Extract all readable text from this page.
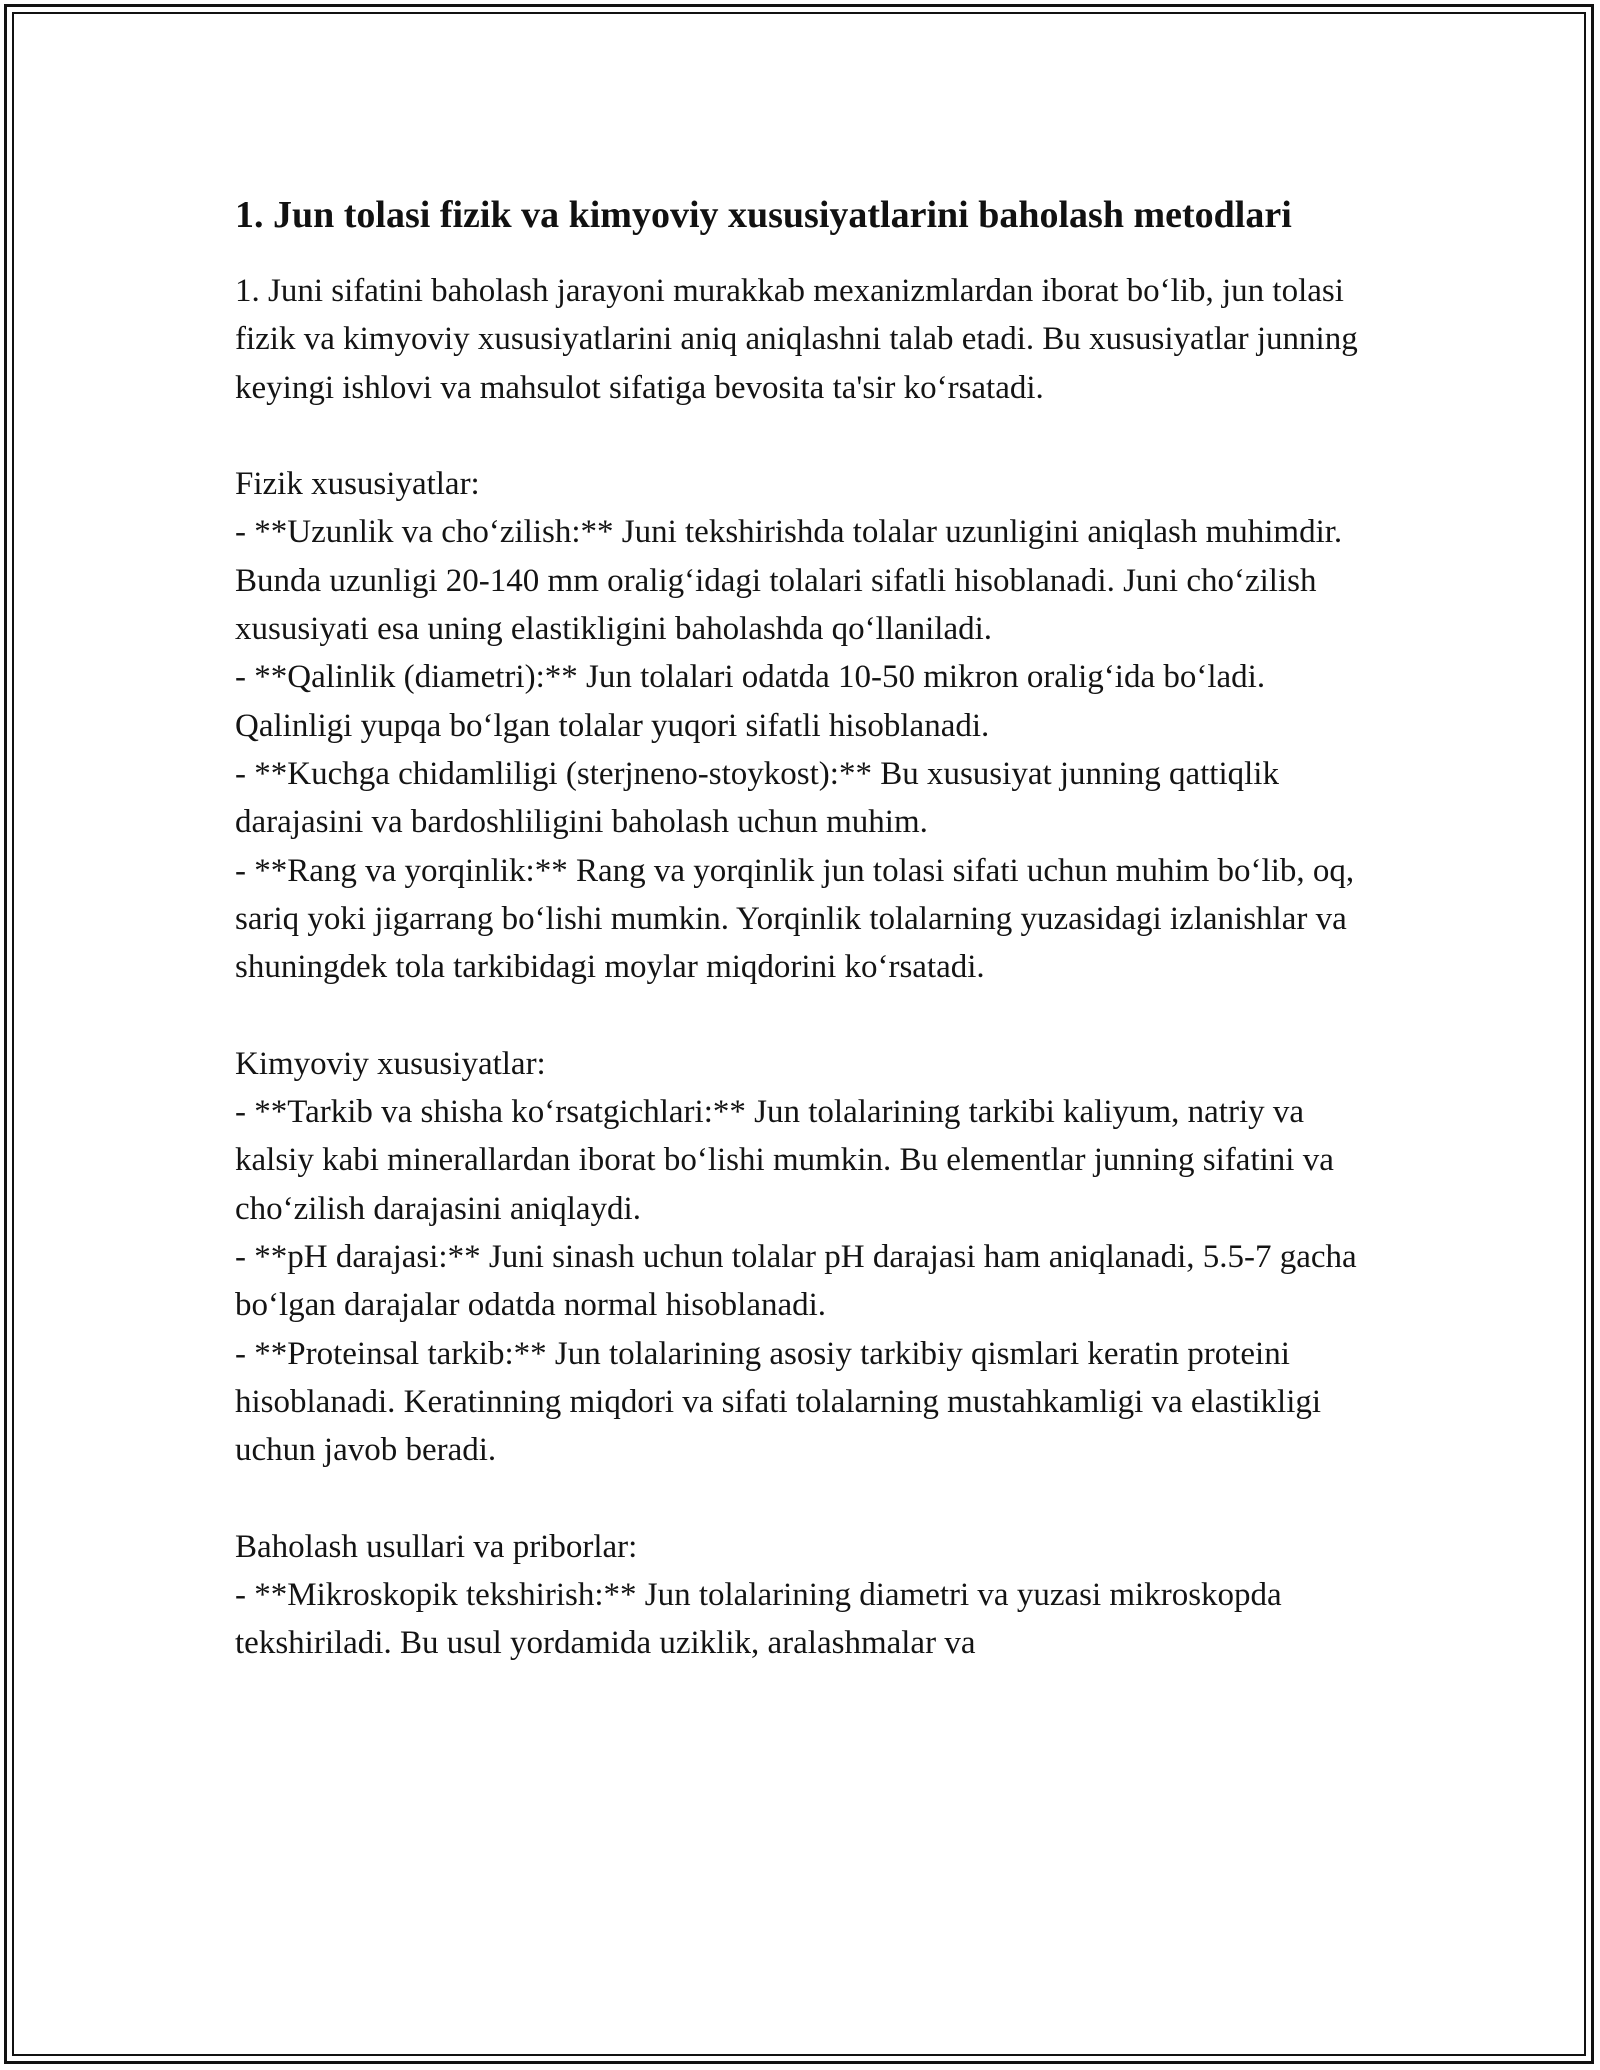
1. Jun tolasi fizik va kimyoviy xususiyatlarini baholash metodlari

1. Juni sifatini baholash jarayoni murakkab mexanizmlardan iborat bo‘lib, jun tolasi fizik va kimyoviy xususiyatlarini aniq aniqlashni talab etadi. Bu xususiyatlar junning keyingi ishlovi va mahsulot sifatiga bevosita ta'sir ko‘rsatadi.

Fizik xususiyatlar:
- **Uzunlik va cho‘zilish:** Juni tekshirishda tolalar uzunligini aniqlash muhimdir. Bunda uzunligi 20-140 mm oralig‘idagi tolalari sifatli hisoblanadi. Juni cho‘zilish xususiyati esa uning elastikligini baholashda qo‘llaniladi.
- **Qalinlik (diametri):** Jun tolalari odatda 10-50 mikron oralig‘ida bo‘ladi. Qalinligi yupqa bo‘lgan tolalar yuqori sifatli hisoblanadi.
- **Kuchga chidamliligi (sterjneno-stoykost):** Bu xususiyat junning qattiqlik darajasini va bardoshliligini baholash uchun muhim.
- **Rang va yorqinlik:** Rang va yorqinlik jun tolasi sifati uchun muhim bo‘lib, oq, sariq yoki jigarrang bo‘lishi mumkin. Yorqinlik tolalarning yuzasidagi izlanishlar va shuningdek tola tarkibidagi moylar miqdorini ko‘rsatadi.
Kimyoviy xususiyatlar:
- **Tarkib va shisha ko‘rsatgichlari:** Jun tolalarining tarkibi kaliyum, natriy va kalsiy kabi minerallardan iborat bo‘lishi mumkin. Bu elementlar junning sifatini va cho‘zilish darajasini aniqlaydi.
- **pH darajasi:** Juni sinash uchun tolalar pH darajasi ham aniqlanadi, 5.5-7 gacha bo‘lgan darajalar odatda normal hisoblanadi.
- **Proteinsal tarkib:** Jun tolalarining asosiy tarkibiy qismlari keratin proteini hisoblanadi. Keratinning miqdori va sifati tolalarning mustahkamligi va elastikligi uchun javob beradi.
Baholash usullari va priborlar:
- **Mikroskopik tekshirish:** Jun tolalarining diametri va yuzasi mikroskopda tekshiriladi. Bu usul yordamida uziklik, aralashmalar va
